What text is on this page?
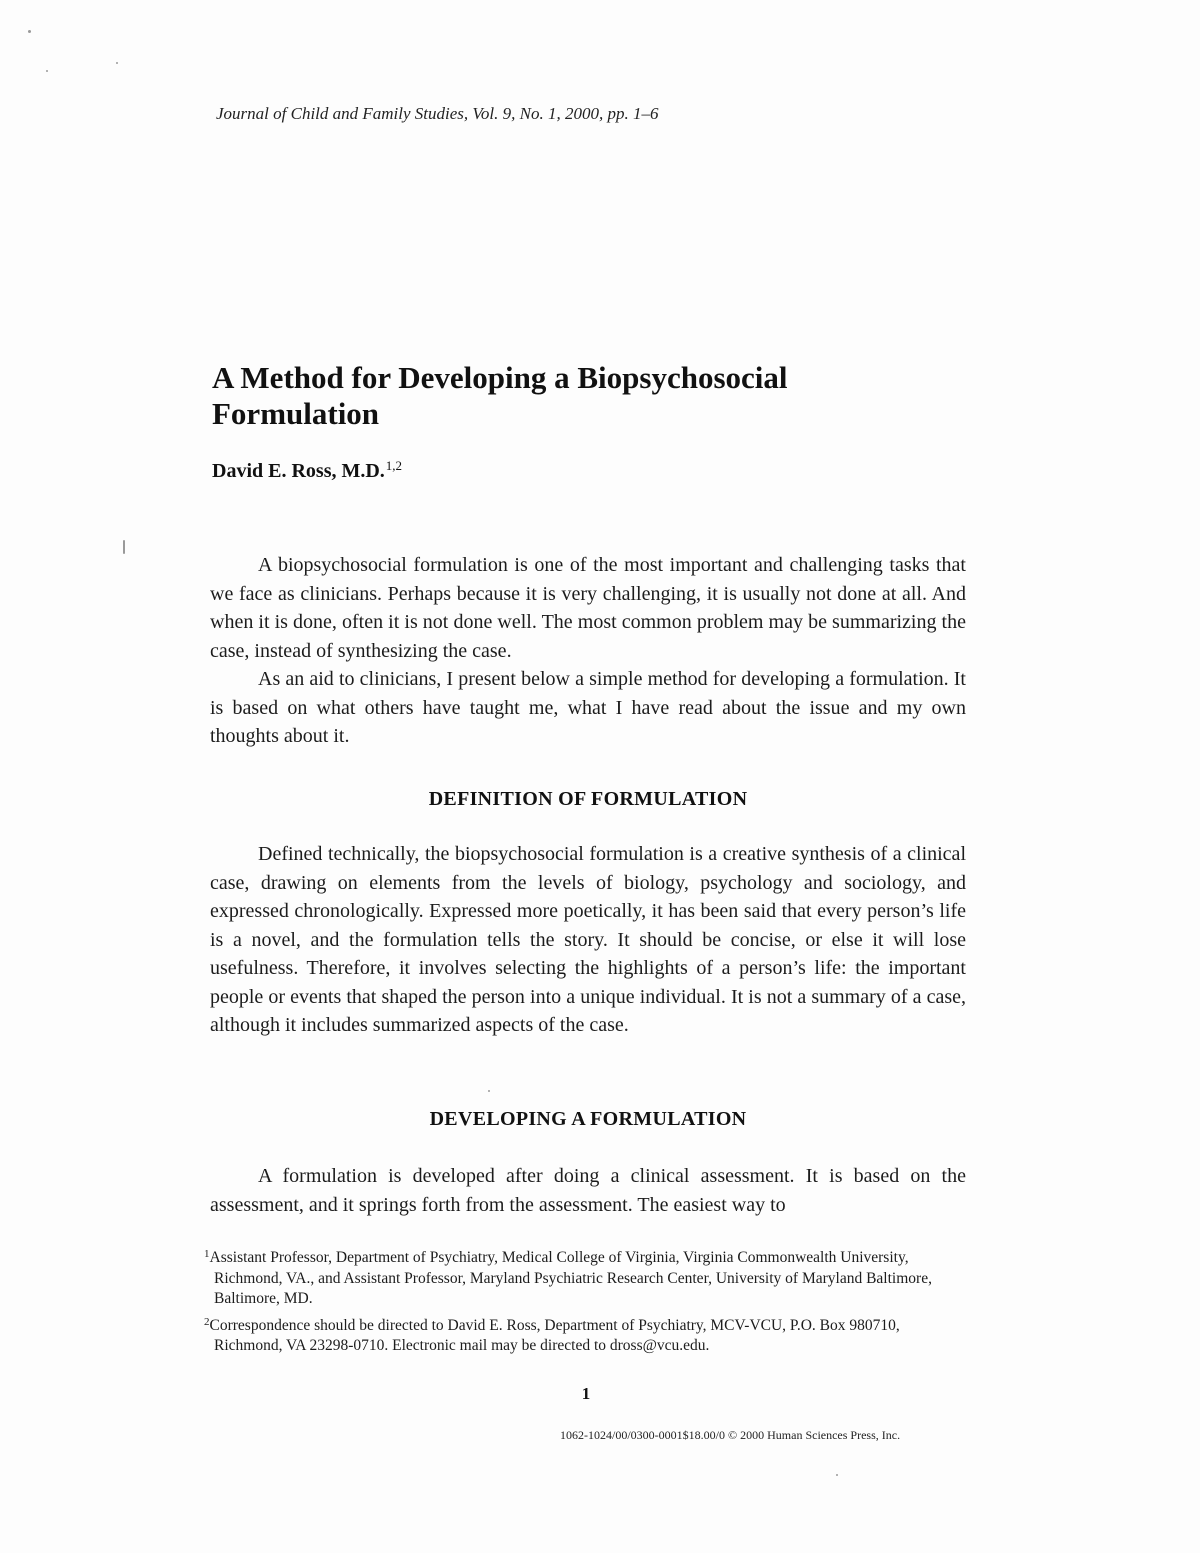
Journal of Child and Family Studies, Vol. 9, No. 1, 2000, pp. 1–6
A Method for Developing a Biopsychosocial Formulation
David E. Ross, M.D.$^{1,2}$

A biopsychosocial formulation is one of the most important and challenging tasks that we face as clinicians. Perhaps because it is very challenging, it is usually not done at all. And when it is done, often it is not done well. The most common problem may be summarizing the case, instead of synthesizing the case.

As an aid to clinicians, I present below a simple method for developing a formulation. It is based on what others have taught me, what I have read about the issue and my own thoughts about it.

DEFINITION OF FORMULATION

Defined technically, the biopsychosocial formulation is a creative synthesis of a clinical case, drawing on elements from the levels of biology, psychology and sociology, and expressed chronologically. Expressed more poetically, it has been said that every person’s life is a novel, and the formulation tells the story. It should be concise, or else it will lose usefulness. Therefore, it involves selecting the highlights of a person’s life: the important people or events that shaped the person into a unique individual. It is not a summary of a case, although it includes summarized aspects of the case.

DEVELOPING A FORMULATION

A formulation is developed after doing a clinical assessment. It is based on the assessment, and it springs forth from the assessment. The easiest way to

$^1$Assistant Professor, Department of Psychiatry, Medical College of Virginia, Virginia Commonwealth University, Richmond, VA., and Assistant Professor, Maryland Psychiatric Research Center, University of Maryland Baltimore, Baltimore, MD.

$^2$Correspondence should be directed to David E. Ross, Department of Psychiatry, MCV-VCU, P.O. Box 980710, Richmond, VA 23298-0710. Electronic mail may be directed to dross@vcu.edu.

1
1062-1024/00/0300-0001$18.00/0 © 2000 Human Sciences Press, Inc.
